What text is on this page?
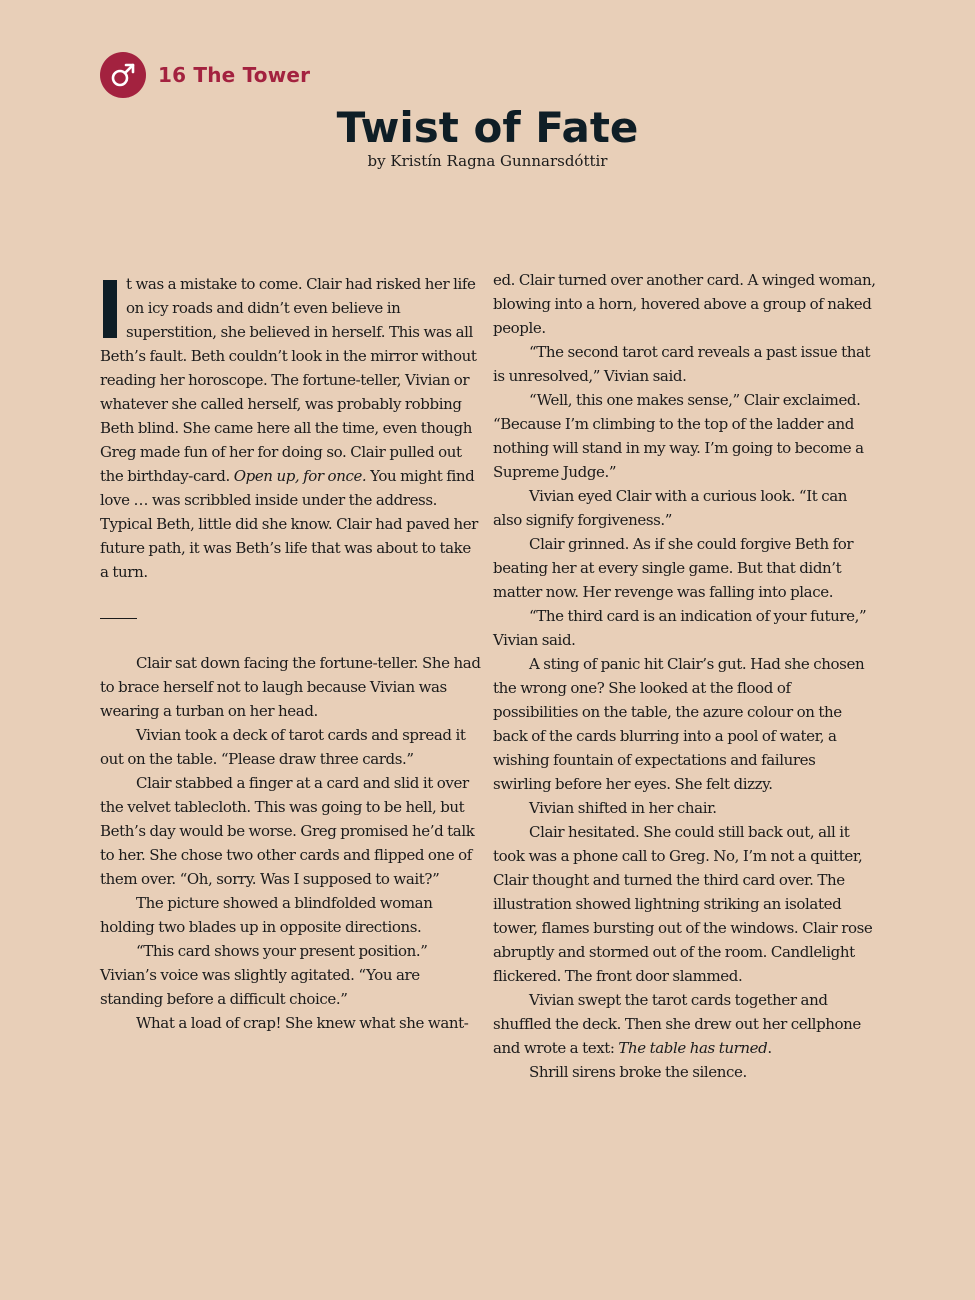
16 The Tower
Twist of Fate
by Kristín Ragna Gunnarsdóttir

t was a mistake to come. Clair had risked her life on icy roads and didn’t even believe in superstition, she believed in herself. This was all Beth’s fault. Beth couldn’t look in the mirror without reading her horoscope. The fortune-teller, Vivian or whatever she called herself, was probably robbing Beth blind. She came here all the time, even though Greg made fun of her for doing so. Clair pulled out the birthday-card. Open up, for once. You might find love … was scribbled inside under the address. Typical Beth, little did she know. Clair had paved her future path, it was Beth’s life that was about to take a turn.

Clair sat down facing the fortune-teller. She had to brace herself not to laugh because Vivian was wearing a turban on her head.

Vivian took a deck of tarot cards and spread it out on the table. “Please draw three cards.”

Clair stabbed a finger at a card and slid it over the velvet tablecloth. This was going to be hell, but Beth’s day would be worse. Greg promised he’d talk to her. She chose two other cards and flipped one of them over. “Oh, sorry. Was I supposed to wait?”

The picture showed a blindfolded woman holding two blades up in opposite directions.

“This card shows your present position.” Vivian’s voice was slightly agitated. “You are standing before a difficult choice.”

What a load of crap! She knew what she want-

ed. Clair turned over another card. A winged woman, blowing into a horn, hovered above a group of naked people.

“The second tarot card reveals a past issue that is unresolved,” Vivian said.

“Well, this one makes sense,” Clair exclaimed. “Because I’m climbing to the top of the ladder and nothing will stand in my way. I’m going to become a Supreme Judge.”

Vivian eyed Clair with a curious look. “It can also signify forgiveness.”

Clair grinned. As if she could forgive Beth for beating her at every single game. But that didn’t matter now. Her revenge was falling into place.

“The third card is an indication of your future,” Vivian said.

A sting of panic hit Clair’s gut. Had she chosen the wrong one? She looked at the flood of possibilities on the table, the azure colour on the back of the cards blurring into a pool of water, a wishing fountain of expectations and failures swirling before her eyes. She felt dizzy.

Vivian shifted in her chair.

Clair hesitated. She could still back out, all it took was a phone call to Greg. No, I’m not a quitter, Clair thought and turned the third card over. The illustration showed lightning striking an isolated tower, flames bursting out of the windows. Clair rose abruptly and stormed out of the room. Candlelight flickered. The front door slammed.

Vivian swept the tarot cards together and shuffled the deck. Then she drew out her cellphone and wrote a text: The table has turned.

Shrill sirens broke the silence.
